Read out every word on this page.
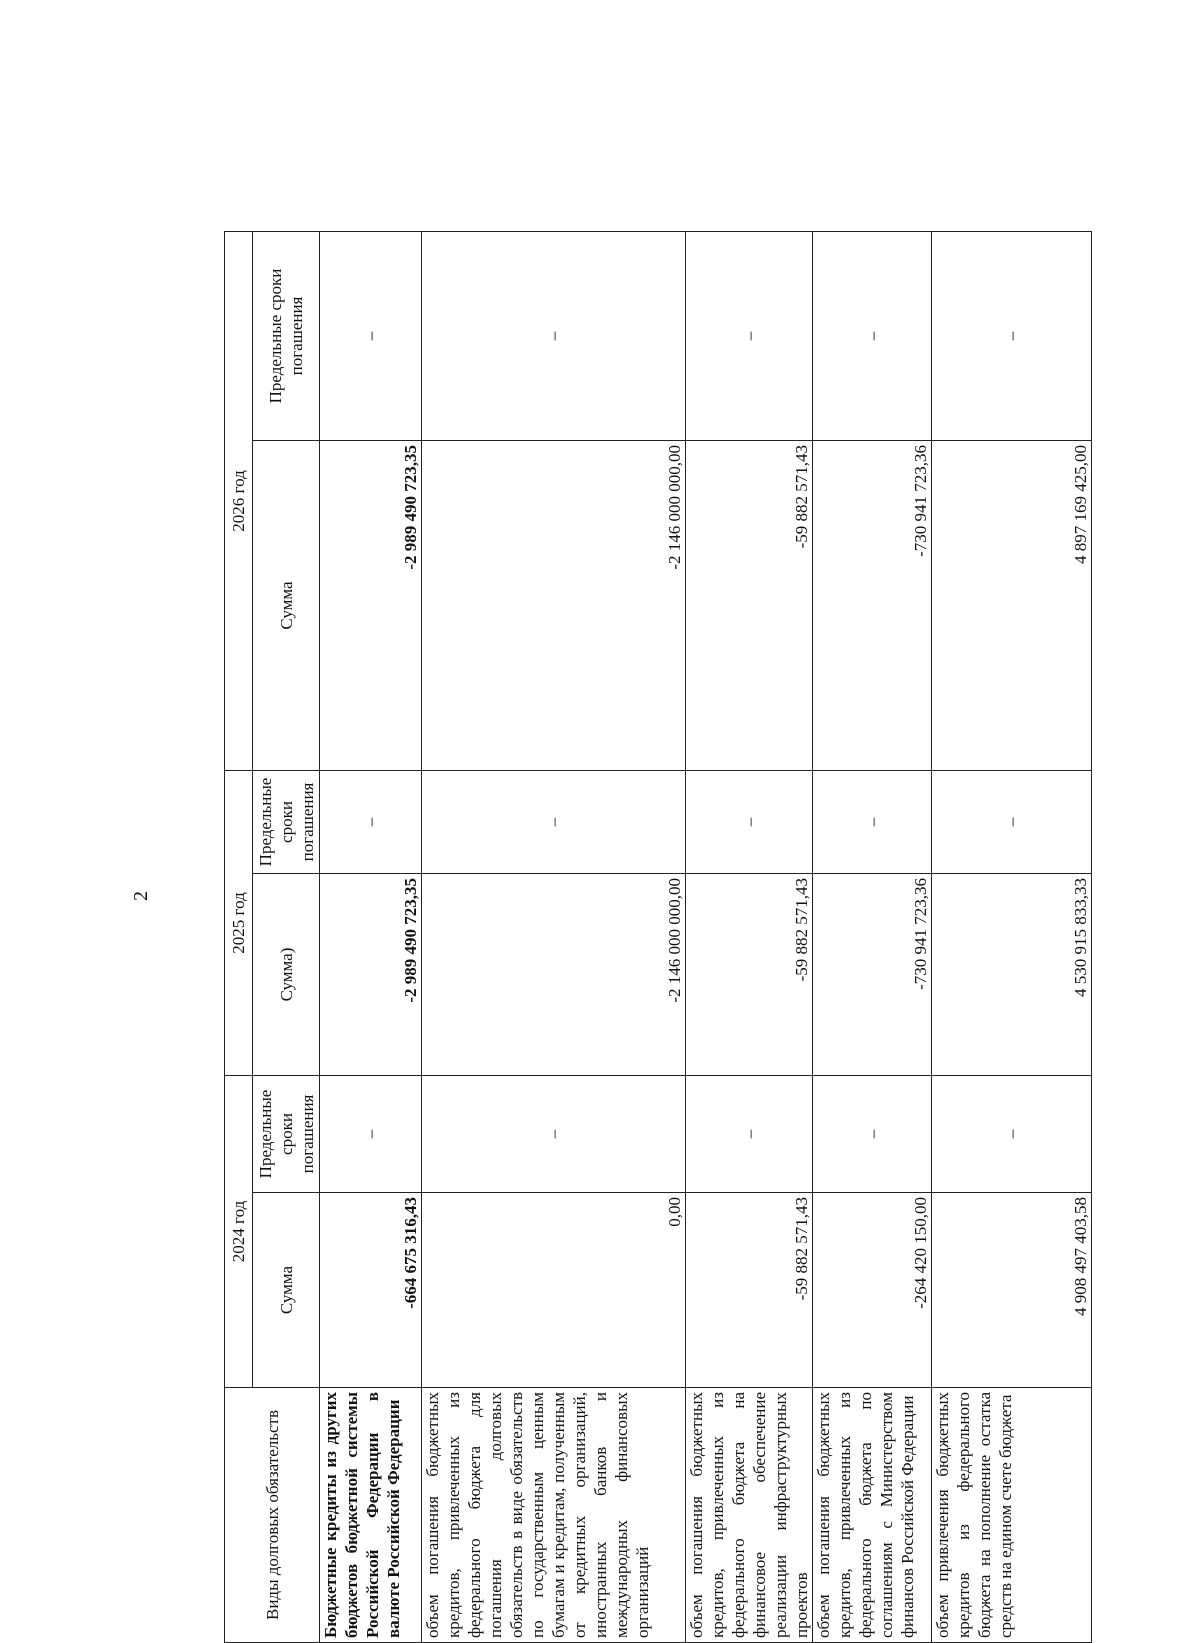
2
Виды долговых обязательств	2024 год		2025 год		2026 год	
	Сумма	Предельные сроки погашения	Сумма)	Предельные сроки погашения	Сумма	Предельные сроки погашения
Бюджетные кредиты из других бюджетов бюджетной системы Российской Федерации в валюте Российской Федерации	-664 675 316,43	–	-2 989 490 723,35	–	-2 989 490 723,35	–
объем погашения бюджетных кредитов, привлеченных из федерального бюджета для погашения долговых обязательств в виде обязательств по государственным ценным бумагам и кредитам, полученным от кредитных организаций, иностранных банков и международных финансовых организаций	0,00	–	-2 146 000 000,00	–	-2 146 000 000,00	–
объем погашения бюджетных кредитов, привлеченных из федерального бюджета на финансовое обеспечение реализации инфраструктурных проектов	-59 882 571,43	–	-59 882 571,43	–	-59 882 571,43	–
объем погашения бюджетных кредитов, привлеченных из федерального бюджета по соглашениям с Министерством финансов Российской Федерации	-264 420 150,00	–	-730 941 723,36	–	-730 941 723,36	–
объем привлечения бюджетных кредитов из федерального бюджета на пополнение остатка средств на едином счете бюджета	4 908 497 403,58	–	4 530 915 833,33	–	4 897 169 425,00	–
